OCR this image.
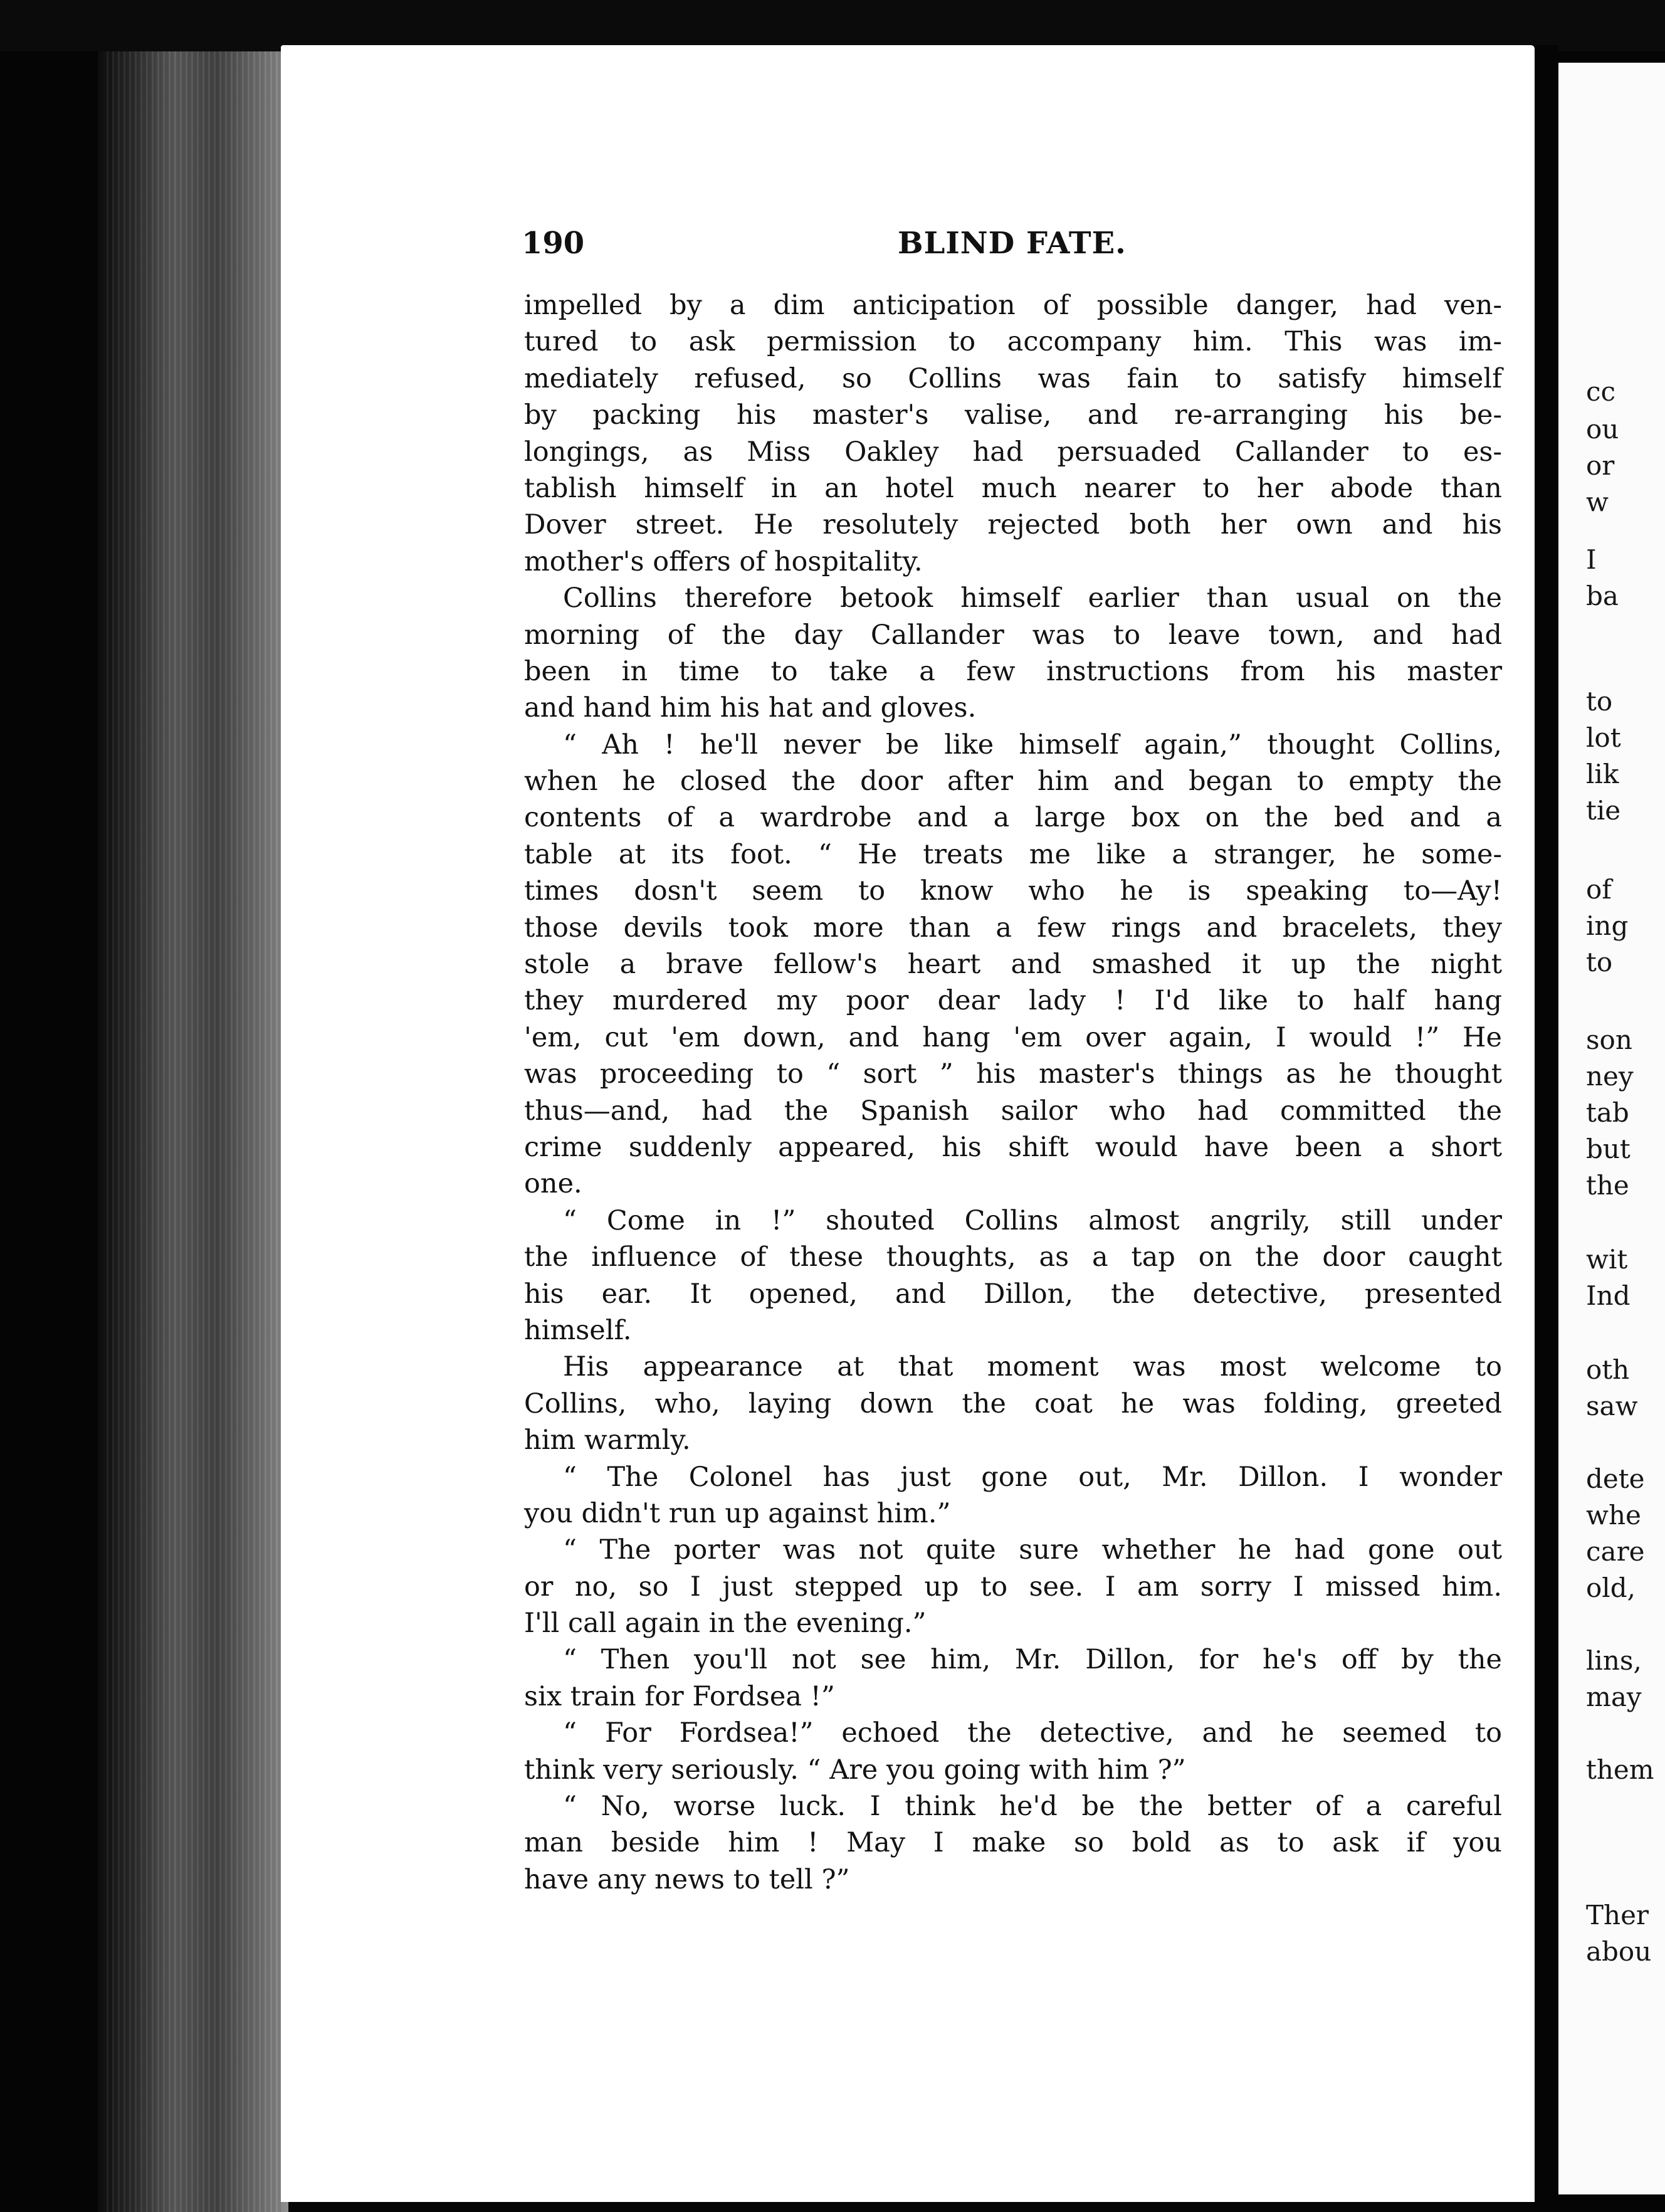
190	BLIND FATE.
impelled by a dim anticipation of possible danger, had ven-
tured to ask permission to accompany him. This was im-
mediately refused, so Collins was fain to satisfy himself
by packing his master's valise, and re-arranging his be-
longings, as Miss Oakley had persuaded Callander to es-
tablish himself in an hotel much nearer to her abode than
Dover street. He resolutely rejected both her own and his
mother's offers of hospitality.
Collins therefore betook himself earlier than usual on the
morning of the day Callander was to leave town, and had
been in time to take a few instructions from his master
and hand him his hat and gloves.
“ Ah ! he'll never be like himself again,” thought Collins,
when he closed the door after him and began to empty the
contents of a wardrobe and a large box on the bed and a
table at its foot. “ He treats me like a stranger, he some-
times dosn't seem to know who he is speaking to—Ay!
those devils took more than a few rings and bracelets, they
stole a brave fellow's heart and smashed it up the night
they murdered my poor dear lady ! I'd like to half hang
'em, cut 'em down, and hang 'em over again, I would !” He
was proceeding to “ sort ” his master's things as he thought
thus—and, had the Spanish sailor who had committed the
crime suddenly appeared, his shift would have been a short
one.
“ Come in !” shouted Collins almost angrily, still under
the influence of these thoughts, as a tap on the door caught
his ear. It opened, and Dillon, the detective, presented
himself.
His appearance at that moment was most welcome to
Collins, who, laying down the coat he was folding, greeted
him warmly.
“ The Colonel has just gone out, Mr. Dillon. I wonder
you didn't run up against him.”
“ The porter was not quite sure whether he had gone out
or no, so I just stepped up to see. I am sorry I missed him.
I'll call again in the evening.”
“ Then you'll not see him, Mr. Dillon, for he's off by the
six train for Fordsea !”
“ For Fordsea!” echoed the detective, and he seemed to
think very seriously. “ Are you going with him ?”
“ No, worse luck. I think he'd be the better of a careful
man beside him ! May I make so bold as to ask if you
have any news to tell ?”
cc
ou
or
w
I
ba
to
lot
lik
tie
of
ing
to
son
ney
tab
but
the
wit
Ind
oth
saw
dete
whe
care
old,
lins,
may
them
Ther
abou
